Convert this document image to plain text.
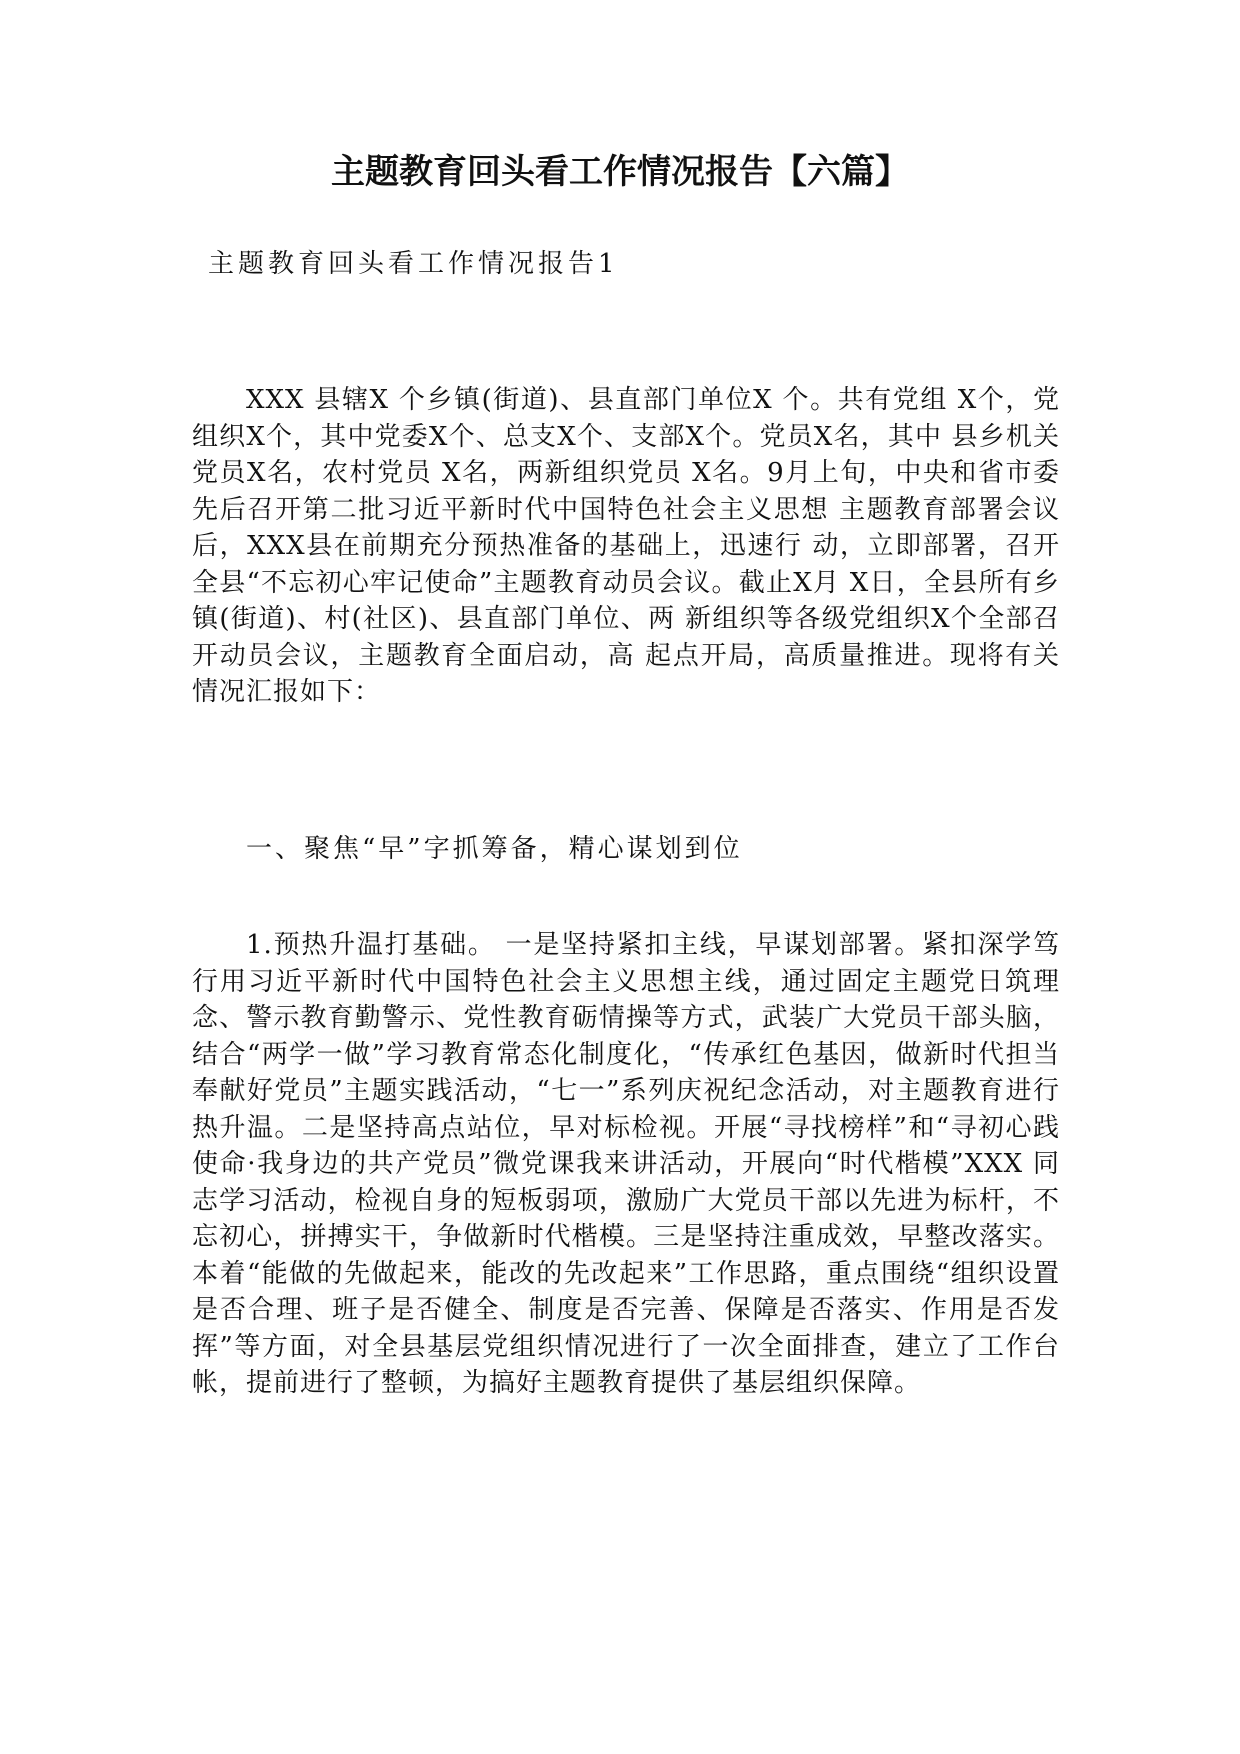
主题教育回头看工作情况报告【六篇】
主题教育回头看工作情况报告1
XXX 县辖X 个乡镇(街道)、县直部门单位X 个。共有党组 X个，党组织X个，其中党委X个、总支X个、支部X个。党员X名，其中 县乡机关党员X名，农村党员 X名，两新组织党员 X名。9月上旬，中央和省市委先后召开第二批习近平新时代中国特色社会主义思想 主题教育部署会议后，XXX县在前期充分预热准备的基础上，迅速行 动，立即部署，召开全县“不忘初心牢记使命”主题教育动员会议。截止X月 X日，全县所有乡镇(街道)、村(社区)、县直部门单位、两 新组织等各级党组织X个全部召开动员会议，主题教育全面启动，高 起点开局，高质量推进。现将有关情况汇报如下：
一、聚焦“早”字抓筹备，精心谋划到位
1.预热升温打基础。 一是坚持紧扣主线，早谋划部署。紧扣深学笃行用习近平新时代中国特色社会主义思想主线，通过固定主题党日筑理念、警示教育勤警示、党性教育砺情操等方式，武装广大党员干部头脑，结合“两学一做”学习教育常态化制度化，“传承红色基因，做新时代担当奉献好党员”主题实践活动，“七一”系列庆祝纪念活动，对主题教育进行热升温。二是坚持高点站位，早对标检视。开展“寻找榜样”和“寻初心践使命·我身边的共产党员”微党课我来讲活动，开展向“时代楷模”XXX 同志学习活动，检视自身的短板弱项，激励广大党员干部以先进为标杆，不忘初心，拼搏实干，争做新时代楷模。三是坚持注重成效，早整改落实。本着“能做的先做起来，能改的先改起来”工作思路，重点围绕“组织设置是否合理、班子是否健全、制度是否完善、保障是否落实、作用是否发挥”等方面，对全县基层党组织情况进行了一次全面排查，建立了工作台帐，提前进行了整顿，为搞好主题教育提供了基层组织保障。
